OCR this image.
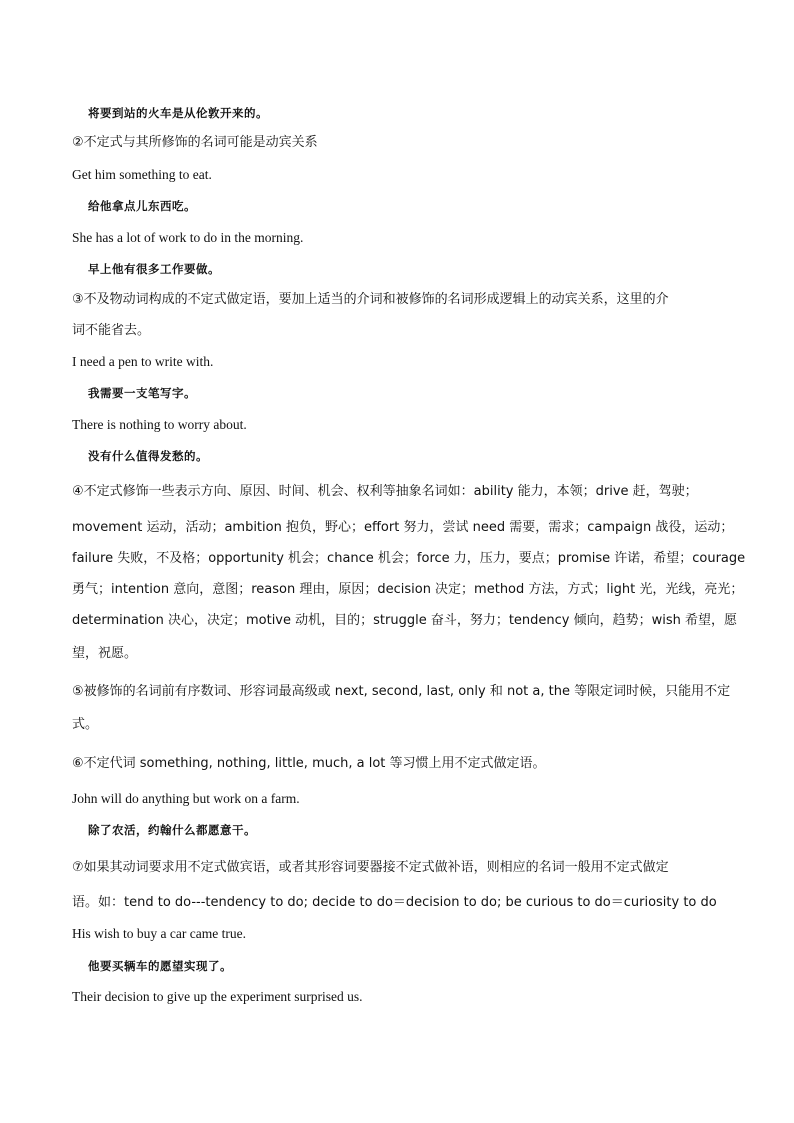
将要到站的火车是从伦敦开来的。
②不定式与其所修饰的名词可能是动宾关系
Get him something to eat.
给他拿点儿东西吃。
She has a lot of work to do in the morning.
早上他有很多工作要做。
③不及物动词构成的不定式做定语，要加上适当的介词和被修饰的名词形成逻辑上的动宾关系，这里的介
词不能省去。
I need a pen to write with.
我需要一支笔写字。
There is nothing to worry about.
没有什么值得发愁的。
④不定式修饰一些表示方向、原因、时间、机会、权利等抽象名词如：ability 能力，本领；drive 赶，驾驶；
movement 运动，活动；ambition 抱负，野心；effort 努力，尝试 need 需要，需求；campaign 战役，运动；
failure 失败，不及格；opportunity 机会；chance 机会；force 力，压力，要点；promise 许诺，希望；courage
勇气；intention 意向，意图；reason 理由，原因；decision 决定；method 方法，方式；light 光，光线，亮光；
determination 决心，决定；motive 动机，目的；struggle 奋斗，努力；tendency 倾向，趋势；wish 希望，愿
望，祝愿。
⑤被修饰的名词前有序数词、形容词最高级或 next, second, last, only 和 not a, the 等限定词时候，只能用不定
式。
⑥不定代词 something, nothing, little, much, a lot 等习惯上用不定式做定语。
John will do anything but work on a farm.
除了农活，约翰什么都愿意干。
⑦如果其动词要求用不定式做宾语，或者其形容词要器接不定式做补语，则相应的名词一般用不定式做定
语。如：tend to do---tendency to do; decide to do＝decision to do; be curious to do＝curiosity to do
His wish to buy a car came true.
他要买辆车的愿望实现了。
Their decision to give up the experiment surprised us.
